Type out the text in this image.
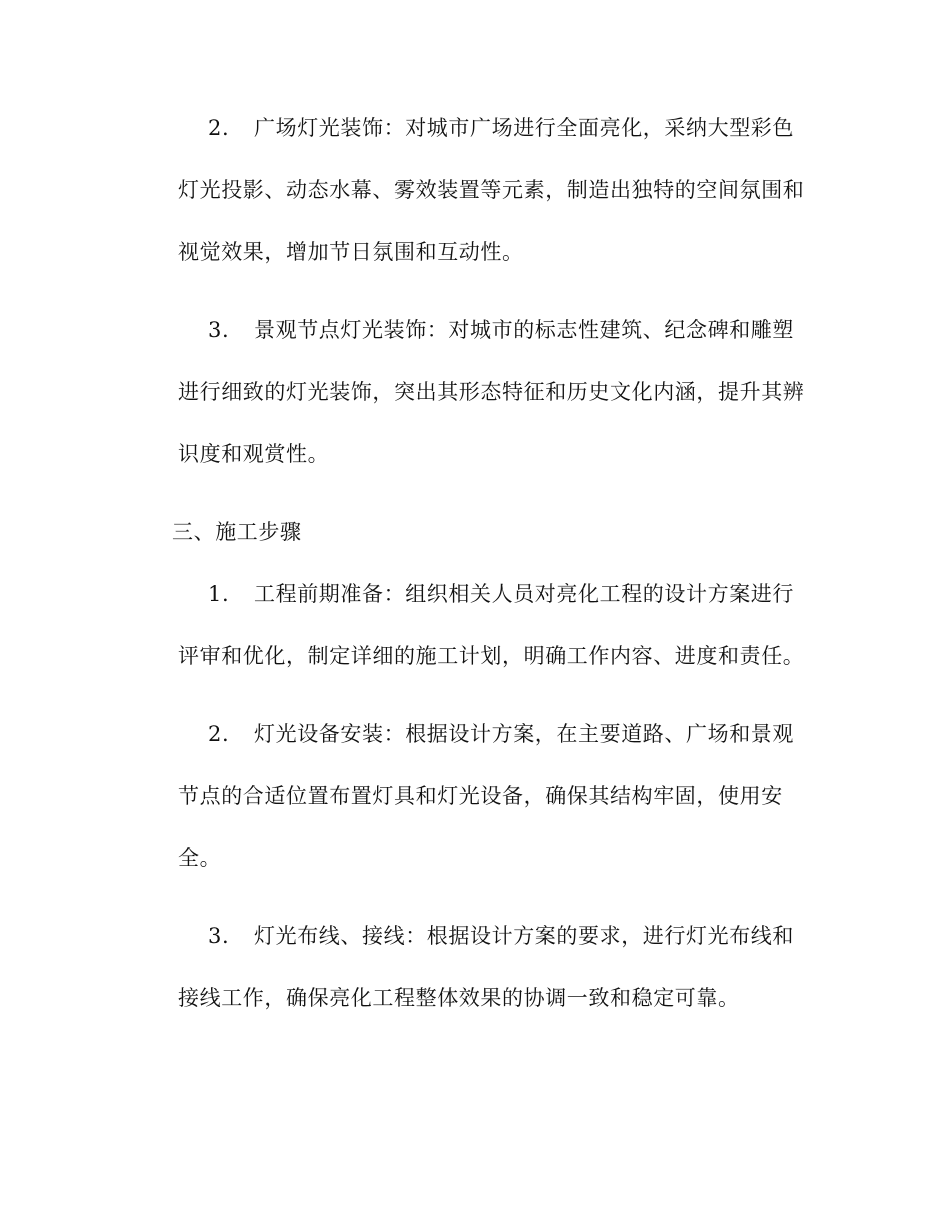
2. 广场灯光装饰：对城市广场进行全面亮化，采纳大型彩色
灯光投影、动态水幕、雾效装置等元素，制造出独特的空间氛围和
视觉效果，增加节日氛围和互动性。
3. 景观节点灯光装饰：对城市的标志性建筑、纪念碑和雕塑
进行细致的灯光装饰，突出其形态特征和历史文化内涵，提升其辨
识度和观赏性。
三、施工步骤
1. 工程前期准备：组织相关人员对亮化工程的设计方案进行
评审和优化，制定详细的施工计划，明确工作内容、进度和责任。
2. 灯光设备安装：根据设计方案，在主要道路、广场和景观
节点的合适位置布置灯具和灯光设备，确保其结构牢固，使用安
全。
3. 灯光布线、接线：根据设计方案的要求，进行灯光布线和
接线工作，确保亮化工程整体效果的协调一致和稳定可靠。
